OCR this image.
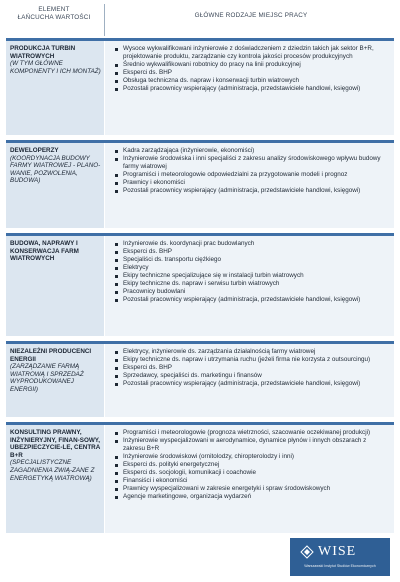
ELEMENT
ŁAŃCUCHA WARTOŚCI	GŁÓWNE RODZAJE MIEJSC PRACY
PRODUKCJA TURBIN WIATROWYCH
(W TYM GŁÓWNE KOMPONENTY I ICH MONTAŻ)
Wysoce wykwalifikowani inżynierowie z doświadczeniem z dziedzin takich jak sektor B+R, projektowanie produktu, zarządzanie czy kontrola jakości procesów produkcyjnych
Średnio wykwalifikowani robotnicy do pracy na linii produkcyjnej
Eksperci ds. BHP
Obsługa techniczna ds. napraw i konserwacji turbin wiatrowych
Pozostali pracownicy wspierający (administracja, przedstawiciele handlowi, księgowi)
DEWELOPERZY
(KOORDYNACJA BUDOWY FARMY WIATROWEJ - PLANO-WANIE, POZWOLENIA, BUDOWA)
Kadra zarządzająca (inżynierowie, ekonomiści)
Inżynierowie środowiska i inni specjaliści z zakresu analizy środowiskowego wpływu budowy farmy wiatrowej
Programiści i meteorologowie odpowiedzialni za przygotowanie modeli i prognoz
Prawnicy i ekonomiści
Pozostali pracownicy wspierający (administracja, przedstawiciele handlowi, księgowi)
BUDOWA, NAPRAWY I KONSERWACJA FARM WIATROWYCH
Inżynierowie ds. koordynacji prac budowlanych
Eksperci ds. BHP
Specjaliści ds. transportu ciężkiego
Elektrycy
Ekipy techniczne specjalizujące się w instalacji turbin wiatrowych
Ekipy techniczne ds. napraw i serwisu turbin wiatrowych
Pracownicy budowlani
Pozostali pracownicy wspierający (administracja, przedstawiciele handlowi, księgowi)
NIEZALEŻNI PRODUCENCI ENERGII
(ZARZĄDZANIE FARMĄ WIATROWĄ I SPRZEDAŻ WYPRODUKOWANEJ ENERGII)
Elektrycy, inżynierowie ds. zarządzania działalnością farmy wiatrowej
Ekipy techniczne ds. napraw i utrzymania ruchu (jeżeli firma nie korzysta z outsourcingu)
Eksperci ds. BHP
Sprzedawcy, specjaliści ds. marketingu i finansów
Pozostali pracownicy wspierający (administracja, przedstawiciele handlowi, księgowi)
KONSULTING PRAWNY, INŻYNIERYJNY, FINAN-SOWY, UBEZPIECZYCIE-LE, CENTRA B+R
(SPECJALISTYCZNE ZAGADNIENIA ZWIĄ-ZANE Z ENERGETYKĄ WIATROWĄ)
Programiści i meteorologowie (prognoza wietrzności, szacowanie oczekiwanej produkcji)
Inżynierowie wyspecjalizowani w aerodynamice, dynamice płynów i innych obszarach z zakresu B+R
Inżynierowie środowiskowi (ornitolodzy, chiropterolodzy i inni)
Eksperci ds. polityki energetycznej
Eksperci ds. socjologii, komunikacji i coachowie
Finansiści i ekonomiści
Prawnicy wyspecjalizowani w zakresie energetyki i spraw środowiskowych
Agencje marketingowe, organizacja wydarzeń
WISE
Warszawski Instytut Studiów Ekonomicznych
